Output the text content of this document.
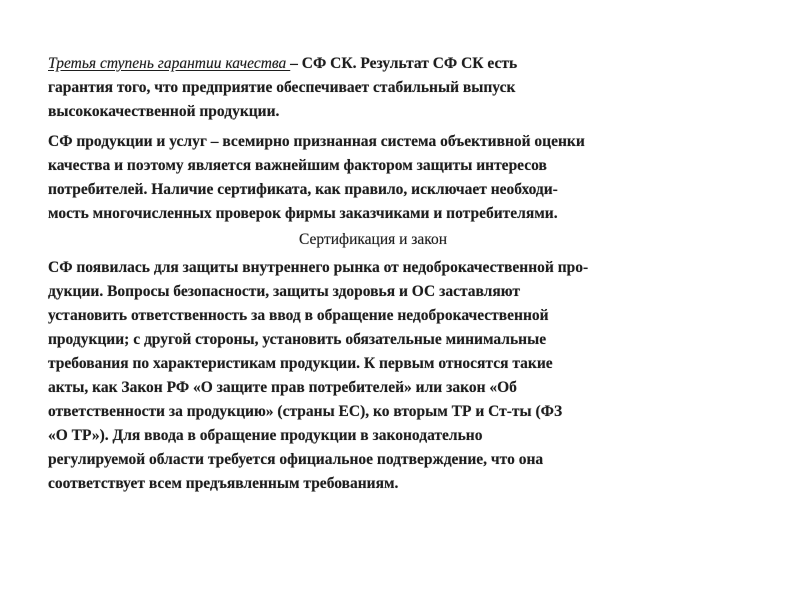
Третья ступень гарантии качества – СФ СК. Результат СФ СК есть
гарантия того, что предприятие обеспечивает стабильный выпуск
высококачественной продукции.

СФ продукции и услуг – всемирно признанная система объективной оценки
качества и поэтому является важнейшим фактором защиты интересов
потребителей. Наличие сертификата, как правило, исключает необходи-
мость многочисленных проверок фирмы заказчиками и потребителями.

Сертификация и закон

СФ появилась для защиты внутреннего рынка от недоброкачественной про-
дукции. Вопросы безопасности, защиты здоровья и ОС заставляют
установить ответственность за ввод в обращение недоброкачественной
продукции; с другой стороны, установить обязательные минимальные
требования по характеристикам продукции. К первым относятся такие
акты, как Закон РФ «О защите прав потребителей» или закон «Об
ответственности за продукцию» (страны ЕС), ко вторым ТР и Ст-ты (ФЗ
«О ТР»). Для ввода в обращение продукции в законодательно
регулируемой области требуется официальное подтверждение, что она
соответствует всем предъявленным требованиям.
